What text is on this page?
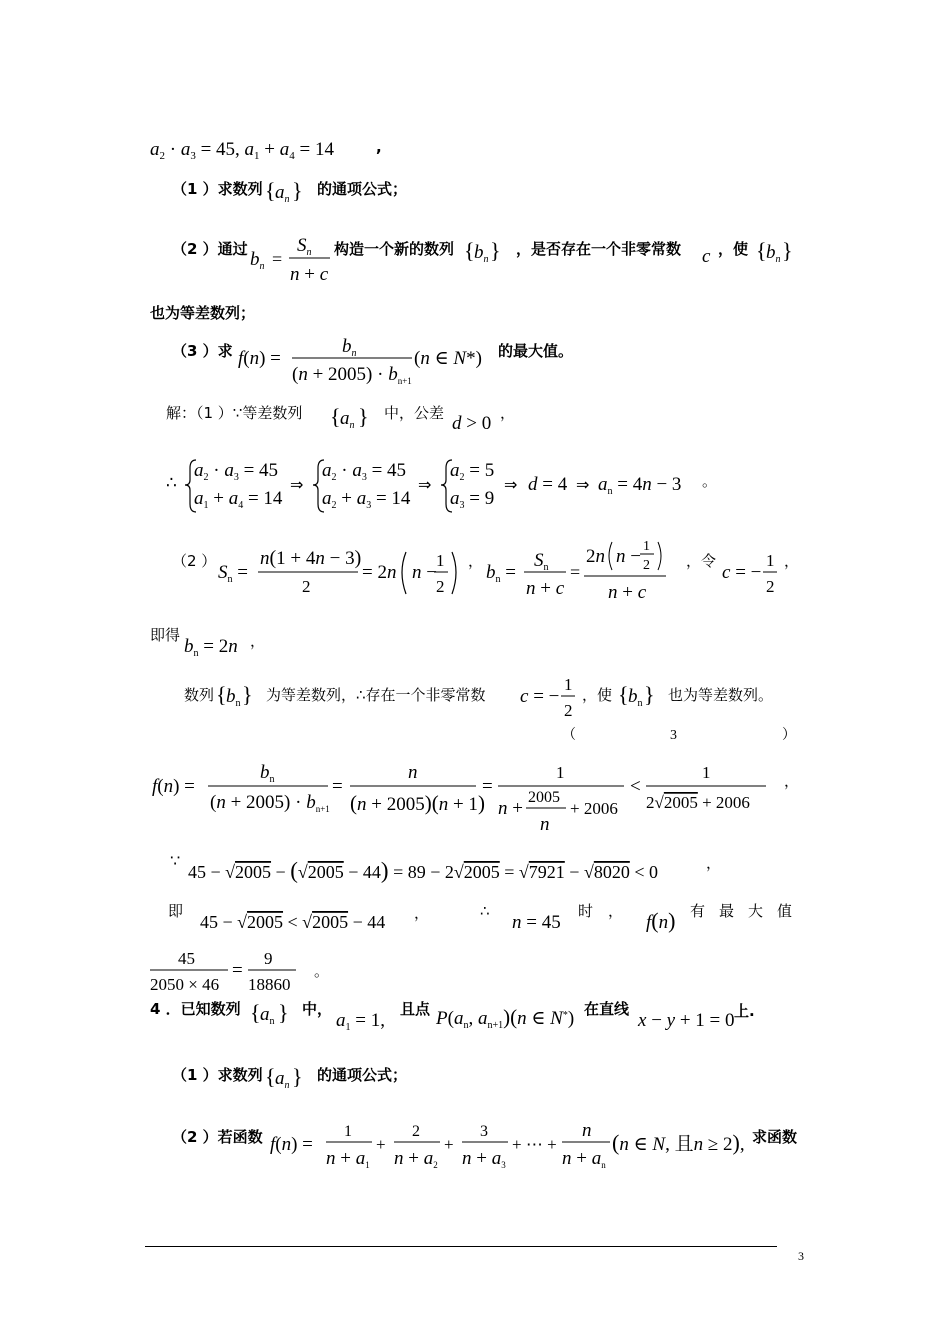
$a_2 \cdot a_3 = 45$, $a_1 + a_4 = 14$	,
（1 ）求数列 { $a_n$ } 的通项公式；
（2 ）通过 $b_n$ =
$S_n$
n + c
构造一个新的数列 { $b_n$ } ，是否存在一个非零常数 c ，使 { $b_n$ }
也为等差数列；
（3 ）求 f(n) =
$b_n$
$(n + 2005) \cdot b_{n+1}$
(n ∈ N*) 的最大值。
解：（1 ）∵等差数列 { $a_n$ } 中，公差 d > 0 ，
∴
$a_2 \cdot a_3 = 45$
$a_1 + a_4 = 14$
⇒
$a_2 \cdot a_3 = 45$
$a_2 + a_3 = 14$
⇒
$a_2 = 5$
$a_3 = 9$
⇒ d = 4 ⇒ $a_n = 4n - 3$ 。
（2 ）
$S_n$ =
n(1 + 4n − 3)
2
= 2n n −
1
2
，
$b_n$ =
$S_n$
n + c
=
2n n − 1
2
n + c
，令
c = −
1
2
，
即得
$b_n = 2n$ ，
数列 { $b_n$ } 为等差数列，∴存在一个非零常数 c = −
1
2
，使 { $b_n$ } 也为等差数列。
（	3	）
f(n) =
$b_n$
$(n + 2005) \cdot b_{n+1}$
=
n
(n + 2005)(n + 1)
=
1
n +
2005
n
+ 2006
<
1
2√2005 + 2006
，
∵
45 − √2005 − (√2005 − 44) = 89 − 2√2005 = √7921 − √8020 < 0	，
即
45 − √2005 < √2005 − 44 ，	∴
n = 45
时 ，
f(n) 有最大值
45
2050 × 46
=
9
18860
。
4 ．已知数列 { $a_n$ } 中，
$a_1 = 1$,
且点 $P(a_n$, $a_{n+1})(n$ ∈ N*) 在直线
x − y + 1 = 0 上.
（1 ）求数列 { $a_n$ } 的通项公式；
（2 ）若函数 f(n) =
1
$n + a_1$
+
2
$n + a_2$
+
3
$n + a_3$
+ ⋯ +
n
$n + a_n$
(n ∈ N, 且n ≥ 2), 求函数
3
